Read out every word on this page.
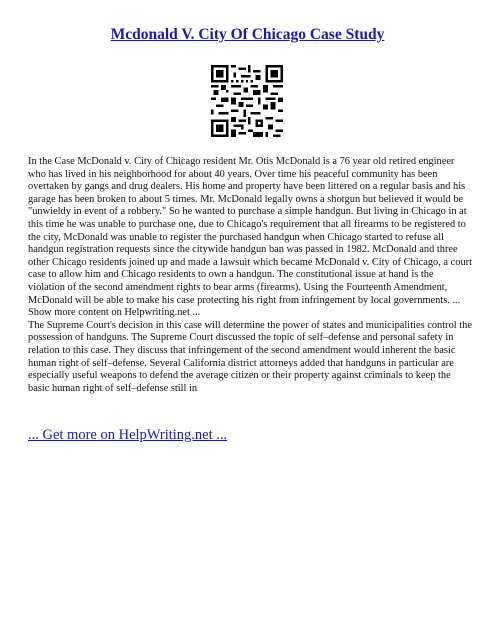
Mcdonald V. City Of Chicago Case Study

In the Case McDonald v. City of Chicago resident Mr. Otis McDonald is a 76 year old retired engineer who has lived in his neighborhood for about 40 years. Over time his peaceful community has been overtaken by gangs and drug dealers. His home and property have been littered on a regular basis and his garage has been broken to about 5 times. Mr. McDonald legally owns a shotgun but believed it would be "unwieldy in event of a robbery." So he wanted to purchase a simple handgun. But living in Chicago in at this time he was unable to purchase one, due to Chicago's requirement that all firearms to be registered to the city, McDonald was unable to register the purchased handgun when Chicago started to refuse all handgun registration requests since the citywide handgun ban was passed in 1982. McDonald and three other Chicago residents joined up and made a lawsuit which became McDonald v. City of Chicago, a court case to allow him and Chicago residents to own a handgun. The constitutional issue at hand is the violation of the second amendment rights to bear arms (firearms). Using the Fourteenth Amendment, McDonald will be able to make his case protecting his right from infringement by local governments. ... Show more content on Helpwriting.net ...

The Supreme Court's decision in this case will determine the power of states and municipalities control the possession of handguns. The Supreme Court discussed the topic of self–defense and personal safety in relation to this case. They discuss that infringement of the second amendment would inherent the basic human right of self–defense. Several California district attorneys added that handguns in particular are especially useful weapons to defend the average citizen or their property against criminals to keep the basic human right of self–defense still in

... Get more on HelpWriting.net ...
